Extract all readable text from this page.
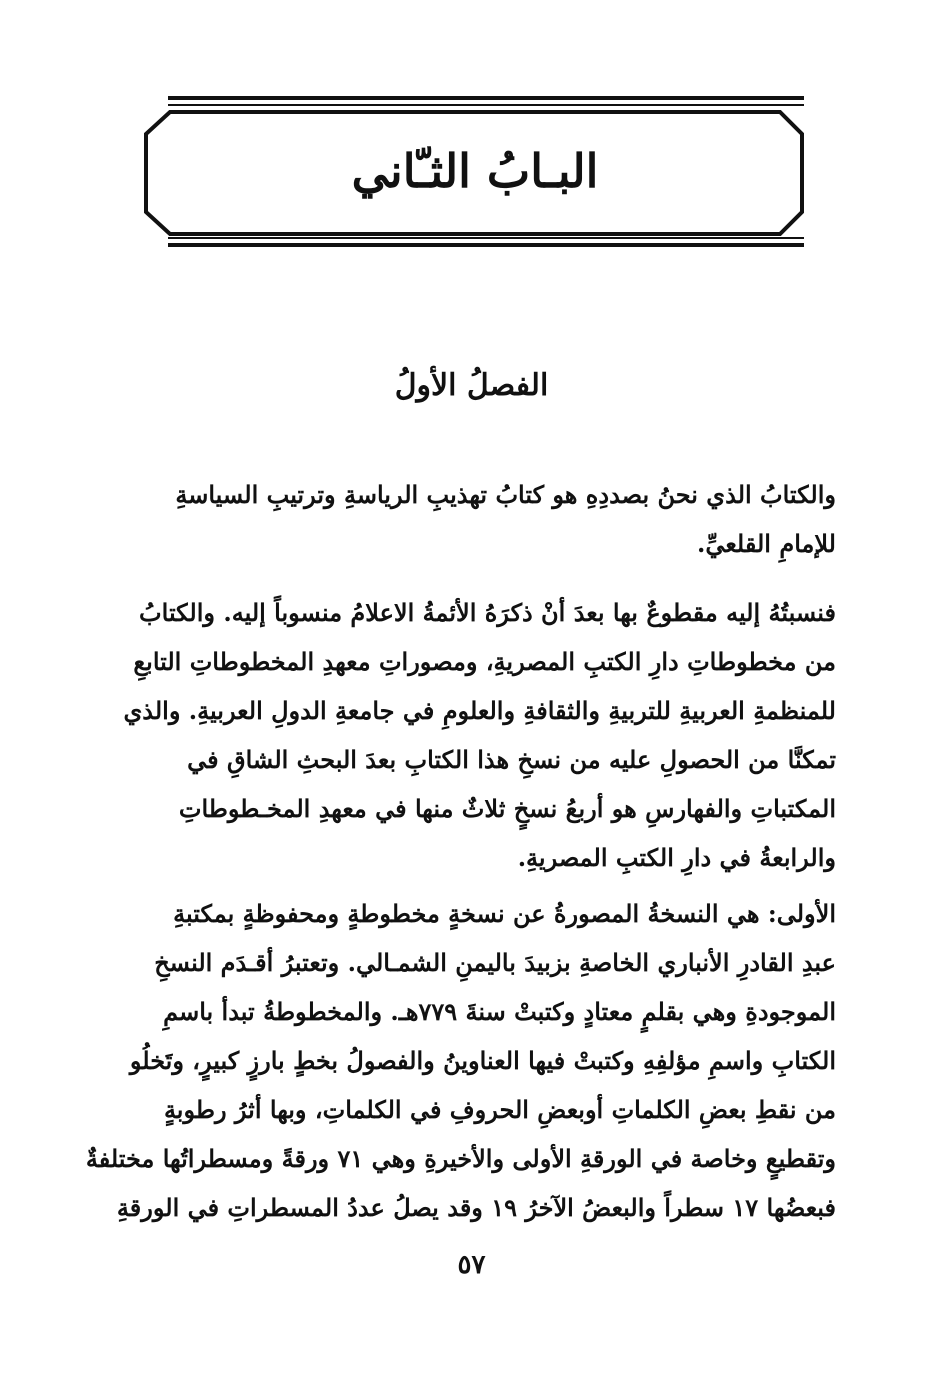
البـابُ الثـّاني
الفصلُ الأولُ
والكتابُ الذي نحنُ بصددِهِ هو كتابُ تهذيبِ الرياسةِ وترتيبِ السياسةِ
للإمامِ القلعيِّ.
فنسبتُهُ إليه مقطوعٌ بها بعدَ أنْ ذكرَهُ الأئمةُ الاعلامُ منسوباً إليه. والكتابُ
من مخطوطاتِ دارِ الكتبِ المصريةِ، ومصوراتِ معهدِ المخطوطاتِ التابعِ
للمنظمةِ العربيةِ للتربيةِ والثقافةِ والعلومِ في جامعةِ الدولِ العربيةِ. والذي
تمكنَّا من الحصولِ عليه من نسخِ هذا الكتابِ بعدَ البحثِ الشاقِ في
المكتباتِ والفهارسِ هو أربعُ نسخٍ ثلاثٌ منها في معهدِ المخـطوطاتِ
والرابعةُ في دارِ الكتبِ المصريةِ.
الأولى: هي النسخةُ المصورةُ عن نسخةٍ مخطوطةٍ ومحفوظةٍ بمكتبةِ
عبدِ القادرِ الأنباري الخاصةِ بزبيدَ باليمنِ الشمـالي. وتعتبرُ أقـدَم النسخِ
الموجودةِ وهي بقلمٍ معتادٍ وكتبتْ سنةَ ٧٧٩هـ. والمخطوطةُ تبدأ باسمِ
الكتابِ واسمِ مؤلفِهِ وكتبتْ فيها العناوينُ والفصولُ بخطٍ بارزٍ كبيرٍ، وتَخلُو
من نقطِ بعضِ الكلماتِ أوبعضِ الحروفِ في الكلماتِ، وبها أثرُ رطوبةٍ
وتقطيعٍ وخاصة في الورقةِ الأولى والأخيرةِ وهي ٧١ ورقةً ومسطراتُها مختلفةٌ
فبعضُها ١٧ سطراً والبعضُ الآخرُ ١٩ وقد يصلُ عددُ المسطراتِ في الورقةِ
٥٧
